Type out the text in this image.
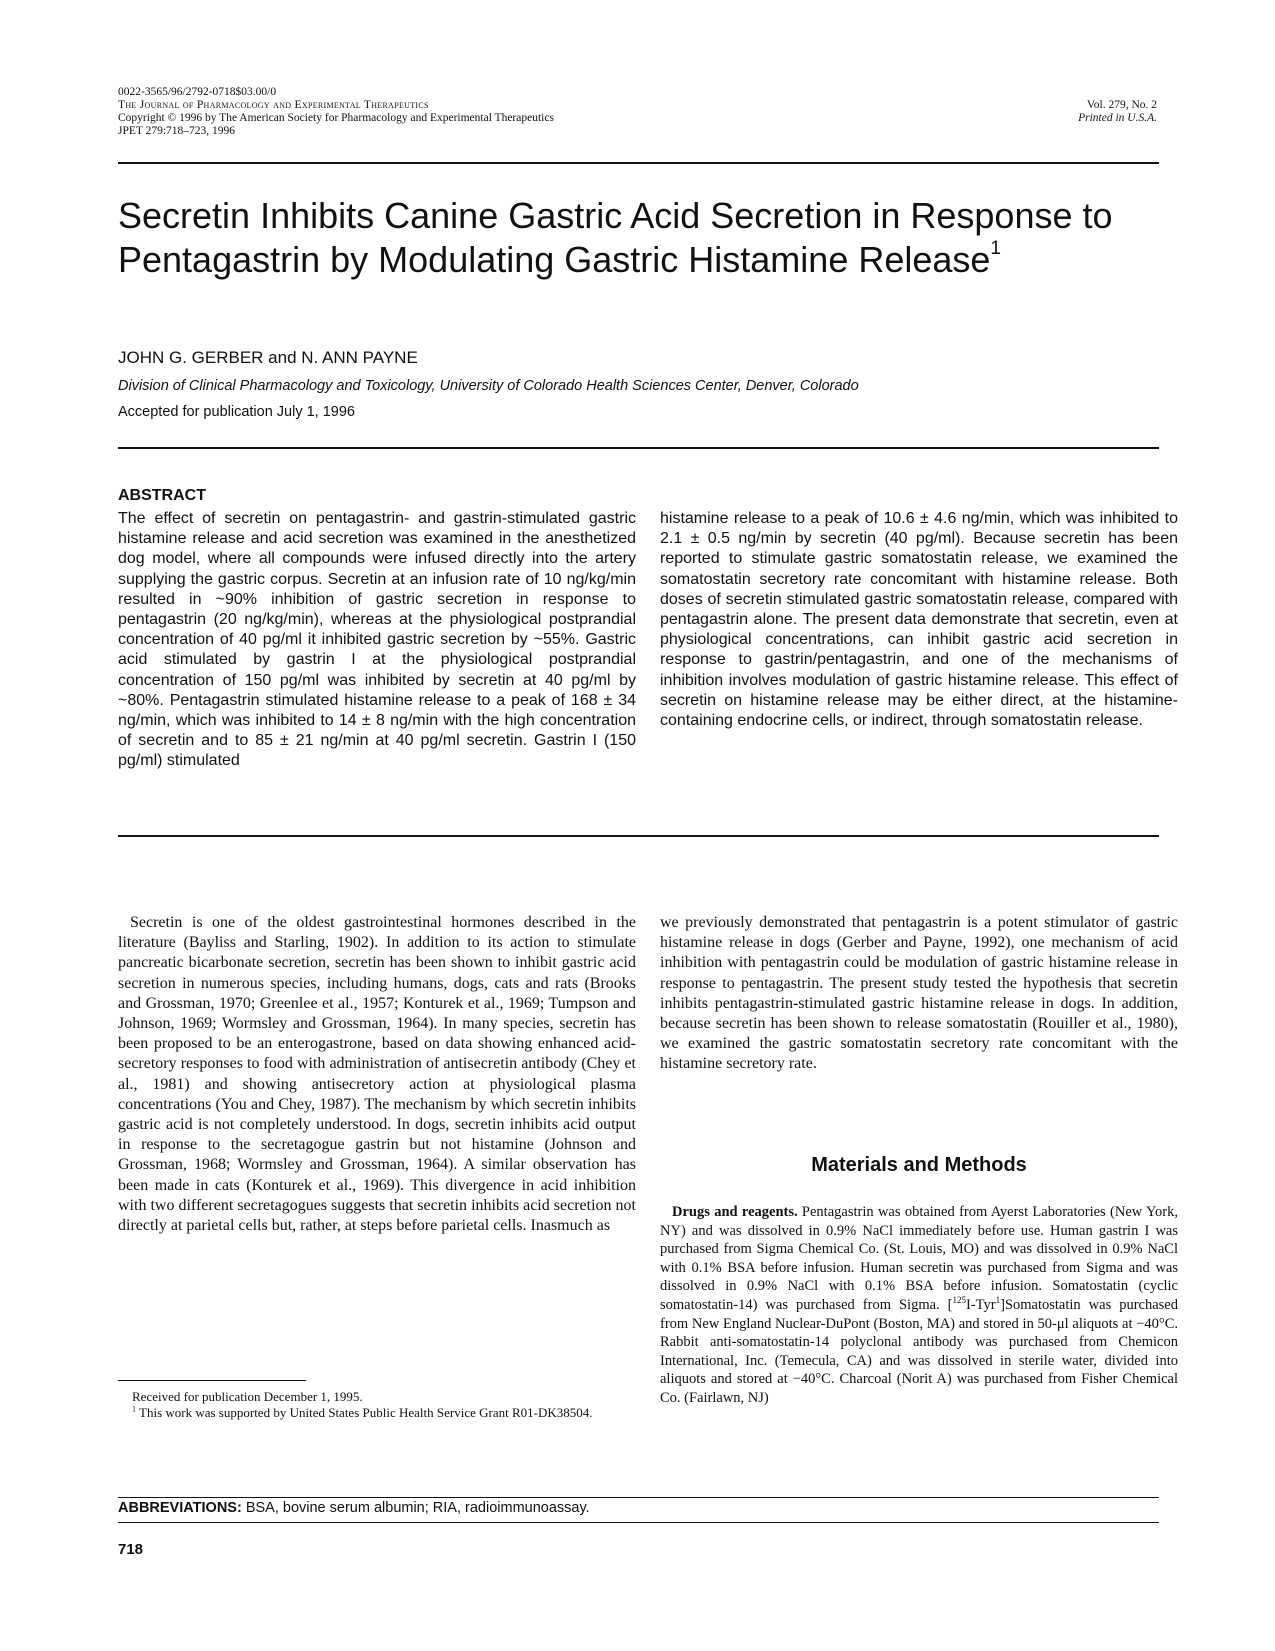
0022-3565/96/2792-0718$03.00/0
The Journal of Pharmacology and Experimental Therapeutics
Copyright © 1996 by The American Society for Pharmacology and Experimental Therapeutics
JPET 279:718–723, 1996
Vol. 279, No. 2
Printed in U.S.A.
Secretin Inhibits Canine Gastric Acid Secretion in Response to
Pentagastrin by Modulating Gastric Histamine Release$^1$
JOHN G. GERBER and N. ANN PAYNE
Division of Clinical Pharmacology and Toxicology, University of Colorado Health Sciences Center, Denver, Colorado
Accepted for publication July 1, 1996
ABSTRACT

The effect of secretin on pentagastrin- and gastrin-stimulated gastric histamine release and acid secretion was examined in the anesthetized dog model, where all compounds were infused directly into the artery supplying the gastric corpus. Secretin at an infusion rate of 10 ng/kg/min resulted in ~90% inhibition of gastric secretion in response to pentagastrin (20 ng/kg/min), whereas at the physiological postprandial concentration of 40 pg/ml it inhibited gastric secretion by ~55%. Gastric acid stimulated by gastrin I at the physiological postprandial concentration of 150 pg/ml was inhibited by secretin at 40 pg/ml by ~80%. Pentagastrin stimulated histamine release to a peak of 168 ± 34 ng/min, which was inhibited to 14 ± 8 ng/min with the high concentration of secretin and to 85 ± 21 ng/min at 40 pg/ml secretin. Gastrin I (150 pg/ml) stimulated

histamine release to a peak of 10.6 ± 4.6 ng/min, which was inhibited to 2.1 ± 0.5 ng/min by secretin (40 pg/ml). Because secretin has been reported to stimulate gastric somatostatin release, we examined the somatostatin secretory rate concomitant with histamine release. Both doses of secretin stimulated gastric somatostatin release, compared with pentagastrin alone. The present data demonstrate that secretin, even at physiological concentrations, can inhibit gastric acid secretion in response to gastrin/pentagastrin, and one of the mechanisms of inhibition involves modulation of gastric histamine release. This effect of secretin on histamine release may be either direct, at the histamine-containing endocrine cells, or indirect, through somatostatin release.

Secretin is one of the oldest gastrointestinal hormones described in the literature (Bayliss and Starling, 1902). In addition to its action to stimulate pancreatic bicarbonate secretion, secretin has been shown to inhibit gastric acid secretion in numerous species, including humans, dogs, cats and rats (Brooks and Grossman, 1970; Greenlee et al., 1957; Konturek et al., 1969; Tumpson and Johnson, 1969; Wormsley and Grossman, 1964). In many species, secretin has been proposed to be an enterogastrone, based on data showing enhanced acid-secretory responses to food with administration of antisecretin antibody (Chey et al., 1981) and showing antisecretory action at physiological plasma concentrations (You and Chey, 1987). The mechanism by which secretin inhibits gastric acid is not completely understood. In dogs, secretin inhibits acid output in response to the secretagogue gastrin but not histamine (Johnson and Grossman, 1968; Wormsley and Grossman, 1964). A similar observation has been made in cats (Konturek et al., 1969). This divergence in acid inhibition with two different secretagogues suggests that secretin inhibits acid secretion not directly at parietal cells but, rather, at steps before parietal cells. Inasmuch as

we previously demonstrated that pentagastrin is a potent stimulator of gastric histamine release in dogs (Gerber and Payne, 1992), one mechanism of acid inhibition with pentagastrin could be modulation of gastric histamine release in response to pentagastrin. The present study tested the hypothesis that secretin inhibits pentagastrin-stimulated gastric histamine release in dogs. In addition, because secretin has been shown to release somatostatin (Rouiller et al., 1980), we examined the gastric somatostatin secretory rate concomitant with the histamine secretory rate.

Materials and Methods

Drugs and reagents. Pentagastrin was obtained from Ayerst Laboratories (New York, NY) and was dissolved in 0.9% NaCl immediately before use. Human gastrin I was purchased from Sigma Chemical Co. (St. Louis, MO) and was dissolved in 0.9% NaCl with 0.1% BSA before infusion. Human secretin was purchased from Sigma and was dissolved in 0.9% NaCl with 0.1% BSA before infusion. Somatostatin (cyclic somatostatin-14) was purchased from Sigma. [$^{125}$I-Tyr$^1$]Somatostatin was purchased from New England Nuclear-DuPont (Boston, MA) and stored in 50-μl aliquots at −40°C. Rabbit anti-somatostatin-14 polyclonal antibody was purchased from Chemicon International, Inc. (Temecula, CA) and was dissolved in sterile water, divided into aliquots and stored at −40°C. Charcoal (Norit A) was purchased from Fisher Chemical Co. (Fairlawn, NJ)

Received for publication December 1, 1995.

$^1$ This work was supported by United States Public Health Service Grant R01-DK38504.

ABBREVIATIONS: BSA, bovine serum albumin; RIA, radioimmunoassay.
718
